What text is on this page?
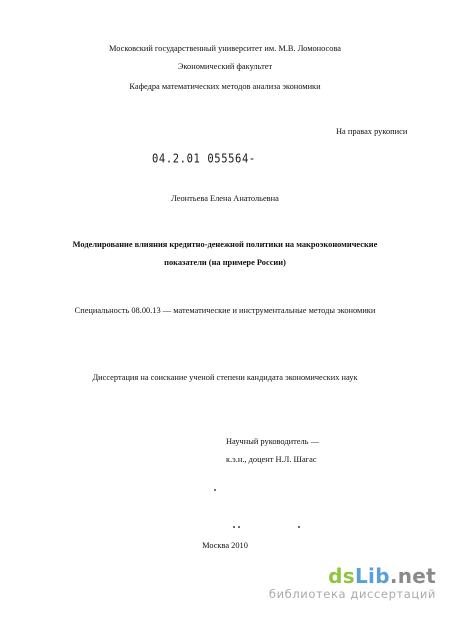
Московский государственный университет им. М.В. Ломоносова
Экономический факультет
Кафедра математических методов анализа экономики
На правах рукописи
04.2.01 055564-
Леонтьева Елена Анатольевна
Моделирование влияния кредитно-денежной политики на макроэкономические
показатели (на примере России)
Специальность 08.00.13 — математические и инструментальные методы экономики
Диссертация на соискание ученой степени кандидата экономических наук
Научный руководитель —
к.э.н., доцент Н.Л. Шагас
Москва 2010
dsLib.net
библиотека диссертаций
